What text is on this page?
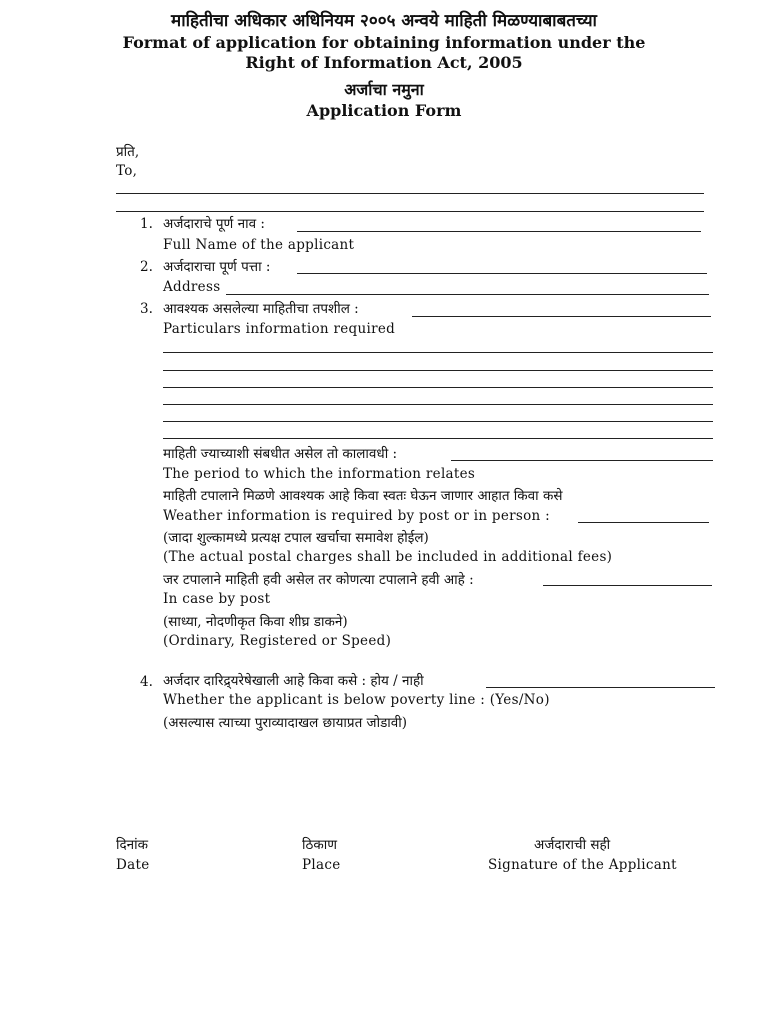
माहितीचा अधिकार अधिनियम २००५ अन्वये माहिती मिळण्याबाबतच्या
Format of application for obtaining information under the
Right of Information Act, 2005
अर्जाचा नमुना
Application Form
प्रति,
To,
1. अर्जदाराचे पूर्ण नाव :
Full Name of the applicant
2. अर्जदाराचा पूर्ण पत्ता :
Address
3. आवश्यक असलेल्या माहितीचा तपशील :
Particulars information required
माहिती ज्याच्याशी संबधीत असेल तो कालावधी :
The period to which the information relates
माहिती टपालाने मिळणे आवश्यक आहे किवा स्वतः घेऊन जाणार आहात किवा कसे
Weather information is required by post or in person :
(जादा शुल्कामध्ये प्रत्यक्ष टपाल खर्चाचा समावेश होईल)
(The actual postal charges shall be included in additional fees)
जर टपालाने माहिती हवी असेल तर कोणत्या टपालाने हवी आहे :
In case by post
(साध्या, नोदणीकृत किवा शीघ्र डाकने)
(Ordinary, Registered or Speed)
4. अर्जदार दारिद्र्यरेषेखाली आहे किवा कसे : होय / नाही
Whether the applicant is below poverty line : (Yes/No)
(असल्यास त्याच्या पुराव्यादाखल छायाप्रत जोडावी)
दिनांक
Date
ठिकाण
Place
अर्जदाराची सही
Signature of the Applicant
